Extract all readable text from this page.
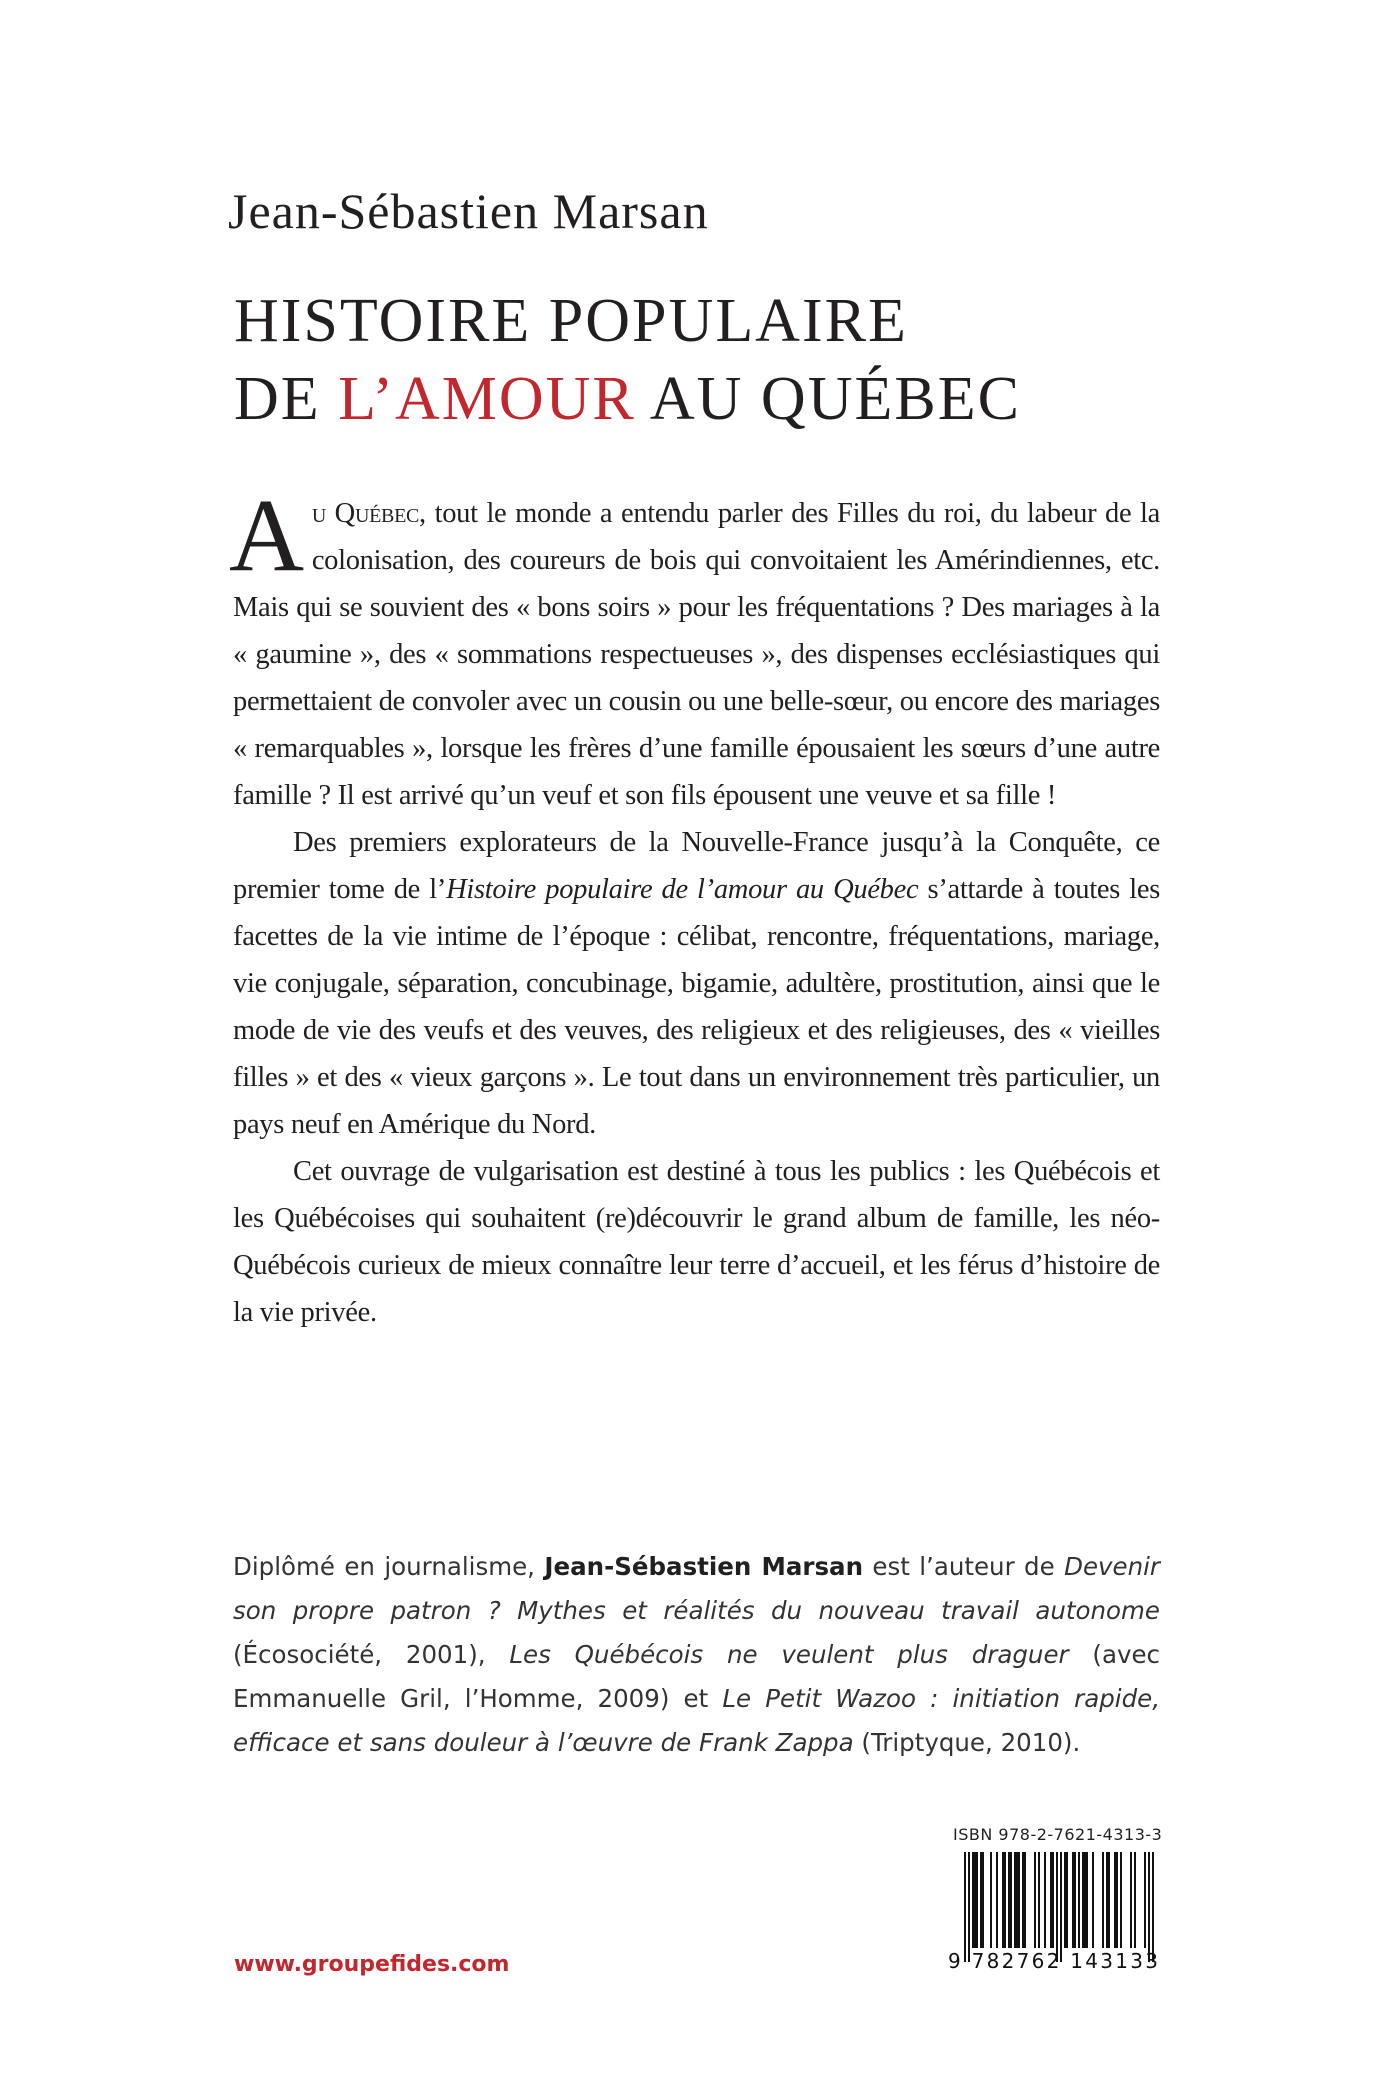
Jean-Sébastien Marsan
HISTOIRE POPULAIRE
DE L’AMOUR AU QUÉBEC

Au Québec, tout le monde a entendu parler des Filles du roi, du labeur de la colonisation, des coureurs de bois qui convoitaient les Amérindiennes, etc. Mais qui se souvient des « bons soirs » pour les fréquentations ? Des mariages à la « gaumine », des « sommations respectueuses », des dispenses ecclésiastiques qui permettaient de convoler avec un cousin ou une belle-sœur, ou encore des mariages « remarquables », lorsque les frères d’une famille épousaient les sœurs d’une autre famille ? Il est arrivé qu’un veuf et son fils épousent une veuve et sa fille !

Des premiers explorateurs de la Nouvelle-France jusqu’à la Conquête, ce premier tome de l’Histoire populaire de l’amour au Québec s’attarde à toutes les facettes de la vie intime de l’époque : célibat, rencontre, fréquentations, mariage, vie conjugale, séparation, concubinage, bigamie, adultère, prostitution, ainsi que le mode de vie des veufs et des veuves, des religieux et des religieuses, des « vieilles filles » et des « vieux garçons ». Le tout dans un environnement très particulier, un pays neuf en Amérique du Nord.

Cet ouvrage de vulgarisation est destiné à tous les publics : les Québécois et les Québécoises qui souhaitent (re)découvrir le grand album de famille, les néo-Québécois curieux de mieux connaître leur terre d’accueil, et les férus d’histoire de la vie privée.

Diplômé en journalisme, Jean-Sébastien Marsan est l’auteur de Devenir son propre patron ? Mythes et réalités du nouveau travail autonome (Écosociété, 2001), Les Québécois ne veulent plus draguer (avec Emmanuelle Gril, l’Homme, 2009) et Le Petit Wazoo : initiation rapide, efficace et sans douleur à l’œuvre de Frank Zappa (Triptyque, 2010).

ISBN 978-2-7621-4313-3
9 782762 143133
www.groupefides.com
